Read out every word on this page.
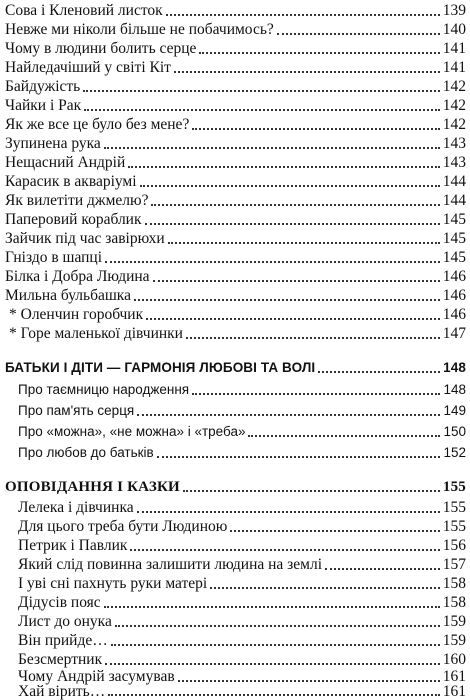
Сова і Кленовий листок	139
Невже ми ніколи більше не побачимось?	140
Чому в людини болить серце	141
Найледачіший у світі Кіт	141
Байдужість	142
Чайки і Рак	142
Як же все це було без мене?	142
Зупинена рука	143
Нещасний Андрій	143
Карасик в акваріумі	144
Як вилетіти джмелю?	144
Паперовий кораблик	145
Зайчик під час завірюхи	145
Гніздо в шапці	145
Білка і Добра Людина	146
Мильна бульбашка	146
* Оленчин горобчик	146
* Горе маленької дівчинки	147
БАТЬКИ І ДІТИ — ГАРМОНІЯ ЛЮБОВІ ТА ВОЛІ	148
Про таємницю народження	148
Про пам'ять серця	149
Про «можна», «не можна» і «треба»	150
Про любов до батьків	152
ОПОВІДАННЯ І КАЗКИ	155
Лелека і дівчинка	155
Для цього треба бути Людиною	155
Петрик і Павлик	156
Який слід повинна залишити людина на землі	157
І уві сні пахнуть руки матері	158
Дідусів пояс	158
Лист до онука	159
Він прийде…	159
Безсмертник	160
Чому Андрій засумував	161
Хай вірить…	161
